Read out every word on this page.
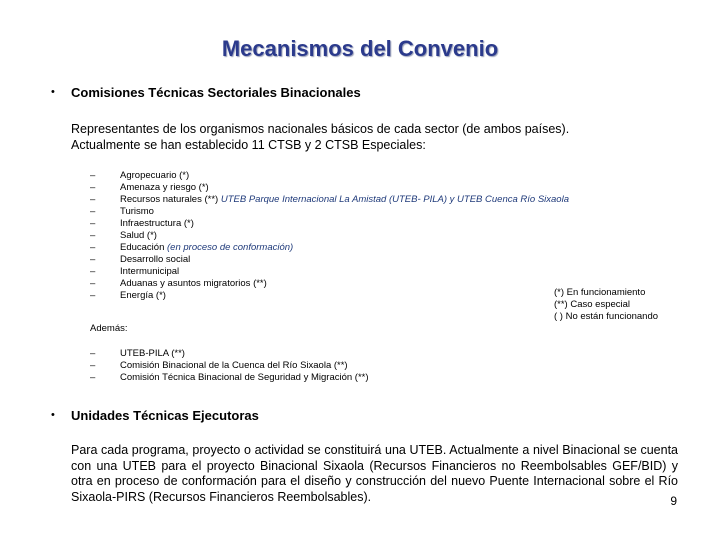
Mecanismos del Convenio
• Comisiones Técnicas Sectoriales Binacionales
Representantes de los organismos nacionales básicos de cada sector (de ambos países).
Actualmente se han establecido 11 CTSB y 2 CTSB Especiales:
–	Agropecuario (*)
–	Amenaza y riesgo (*)
–	Recursos naturales (**) UTEB Parque Internacional La Amistad (UTEB- PILA) y UTEB Cuenca Río Sixaola
–	Turismo
–	Infraestructura (*)
–	Salud (*)
–	Educación (en proceso de conformación)
–	Desarrollo social
–	Intermunicipal
–	Aduanas y asuntos migratorios (**)
–	Energía (*)	(*) En funcionamiento
(**) Caso especial
( ) No están funcionando
Además:
–	UTEB-PILA (**)
–	Comisión Binacional de la Cuenca del Río Sixaola (**)
–	Comisión Técnica Binacional de Seguridad y Migración (**)
• Unidades Técnicas Ejecutoras
Para cada programa, proyecto o actividad se constituirá una UTEB. Actualmente a nivel Binacional se cuenta con una UTEB para el proyecto Binacional Sixaola (Recursos Financieros no Reembolsables GEF/BID) y otra en proceso de conformación para el diseño y construcción del nuevo Puente Internacional sobre el Río Sixaola-PIRS (Recursos Financieros Reembolsables).	9
